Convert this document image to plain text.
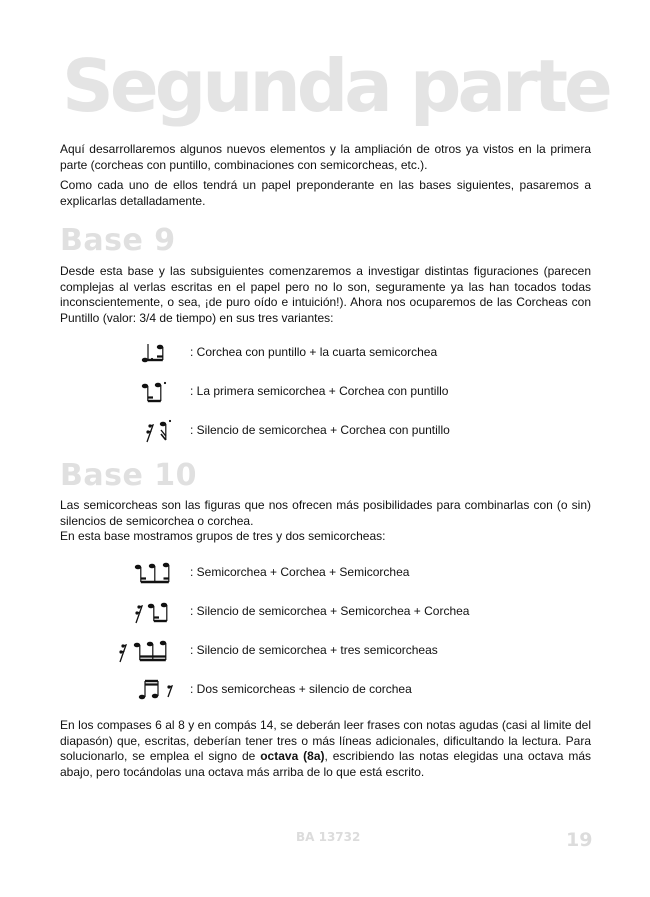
Segunda parte

Aquí desarrollaremos algunos nuevos elementos y la ampliación de otros ya vistos en la primera parte (corcheas con puntillo, combinaciones con semicorcheas, etc.).

Como cada uno de ellos tendrá un papel preponderante en las bases siguientes, pasaremos a explicarlas detalladamente.

Base 9

Desde esta base y las subsiguientes comenzaremos a investigar distintas figuraciones (parecen complejas al verlas escritas en el papel pero no lo son, seguramente ya las han tocados todas inconscientemente, o sea, ¡de puro oído e intuición!). Ahora nos ocuparemos de las Corcheas con Puntillo (valor: 3/4 de tiempo) en sus tres variantes:

: Corchea con puntillo + la cuarta semicorchea
: La primera semicorchea + Corchea con puntillo
: Silencio de semicorchea + Corchea con puntillo
Base 10

Las semicorcheas son las figuras que nos ofrecen más posibilidades para combinarlas con (o sin) silencios de semicorchea o corchea.

En esta base mostramos grupos de tres y dos semicorcheas:

: Semicorchea + Corchea + Semicorchea
: Silencio de semicorchea + Semicorchea + Corchea
: Silencio de semicorchea + tres semicorcheas
: Dos semicorcheas + silencio de corchea

En los compases 6 al 8 y en compás 14, se deberán leer frases con notas agudas (casi al limite del diapasón) que, escritas, deberían tener tres o más líneas adicionales, dificultando la lectura. Para solucionarlo, se emplea el signo de octava (8a), escribiendo las notas elegidas una octava más abajo, pero tocándolas una octava más arriba de lo que está escrito.

BA 13732	19
